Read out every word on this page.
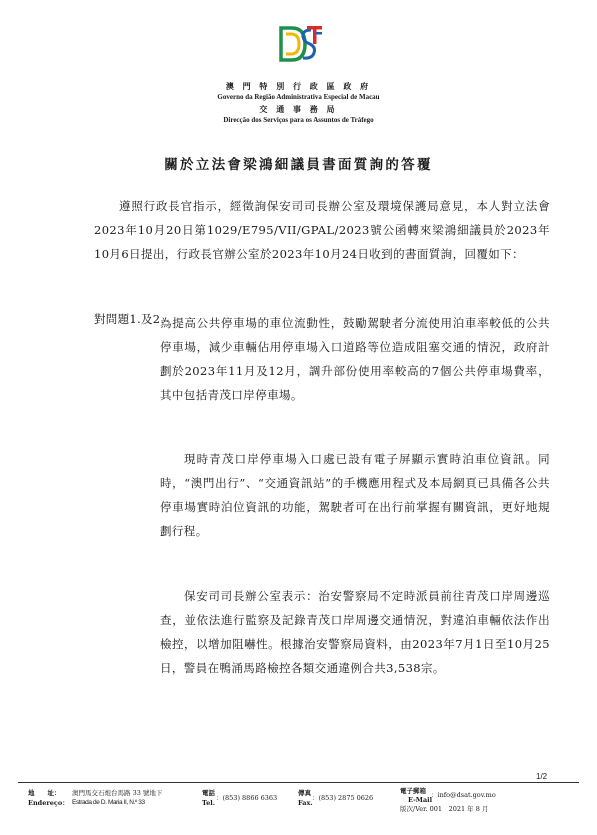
澳 門 特 別 行 政 區 政 府
Governo da Região Administrativa Especial de Macau
交 通 事 務 局
Direcção dos Serviços para os Assuntos de Tráfego
關於立法會梁鴻細議員書面質詢的答覆
遵照行政長官指示，經徵詢保安司司長辦公室及環境保護局意見，本人對立法會2023年10月20日第1029/E795/VII/GPAL/2023號公函轉來梁鴻細議員於2023年10月6日提出，行政長官辦公室於2023年10月24日收到的書面質詢，回覆如下：
對問題1.及2.
為提高公共停車場的車位流動性，鼓勵駕駛者分流使用泊車率較低的公共停車場，減少車輛佔用停車場入口道路等位造成阻塞交通的情況，政府計劃於2023年11月及12月，調升部份使用率較高的7個公共停車場費率，其中包括青茂口岸停車場。
現時青茂口岸停車場入口處已設有電子屏顯示實時泊車位資訊。同時，“澳門出行”、“交通資訊站”的手機應用程式及本局網頁已具備各公共停車場實時泊位資訊的功能，駕駛者可在出行前掌握有關資訊，更好地規劃行程。
保安司司長辦公室表示：治安警察局不定時派員前往青茂口岸周邊巡查，並依法進行監察及記錄青茂口岸周邊交通情況，對違泊車輛依法作出檢控，以增加阻嚇性。根據治安警察局資料，由2023年7月1日至10月25日，警員在鴨涌馬路檢控各類交通違例合共3,538宗。
1/2
地　　址： 澳門馬交石炮台馬路 33 號地下
Endereço： Estrada de D. Maria II, N.º 33
電話
Tel.
：(853) 8866 6363
傳真
Fax.
：(853) 2875 0626
電子郵箱
E-Mail
：info@dsat.gov.mo
版次/Ver. 001　2021 年 8 月
